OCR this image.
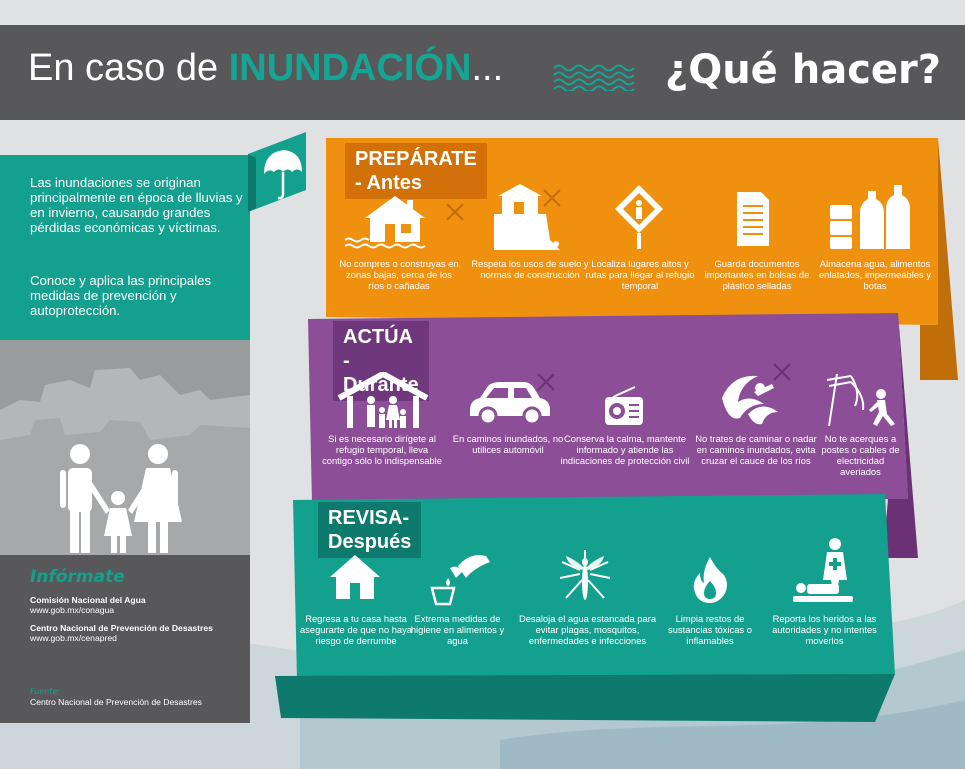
En caso de INUNDACIÓN...	¿Qué hacer?

Las inundaciones se originan principalmente en época de lluvias y en invierno, causando grandes pérdidas económicas y víctimas.

Conoce y aplica las principales medidas de prevención y autoprotección.

Infórmate
Comisión Nacional del Agua
www.gob.mx/conagua
Centro Nacional de Prevención de Desastres
www.gob.mx/cenapred
Fuente:
Centro Nacional de Prevención de Desastres
PREPÁRATE - Antes
No compres o construyas en zonas bajas, cerca de los ríos o cañadas
Respeta los usos de suelo y normas de construcción
Localiza lugares altos y rutas para llegar al refugio temporal
Guarda documentos importantes en bolsas de plástico selladas
Almacena agua, alimentos enlatados, impermeables y botas
ACTÚA - Durante
Si es necesario dirígete al refugio temporal, lleva contigo sólo lo indispensable
En caminos inundados, no utilices automóvil
Conserva la calma, mantente informado y atiende las indicaciones de protección civil
No trates de caminar o nadar en caminos inundados, evita cruzar el cauce de los ríos
No te acerques a postes o cables de electricidad averiados
REVISA- Después
Regresa a tu casa hasta asegurarte de que no haya riesgo de derrumbe
Extrema medidas de higiene en alimentos y agua
Desaloja el agua estancada para evitar plagas, mosquitos, enfermedades e infecciones
Limpia restos de sustancias tóxicas o inflamables
Reporta los heridos a las autoridades y no intentes moverlos
